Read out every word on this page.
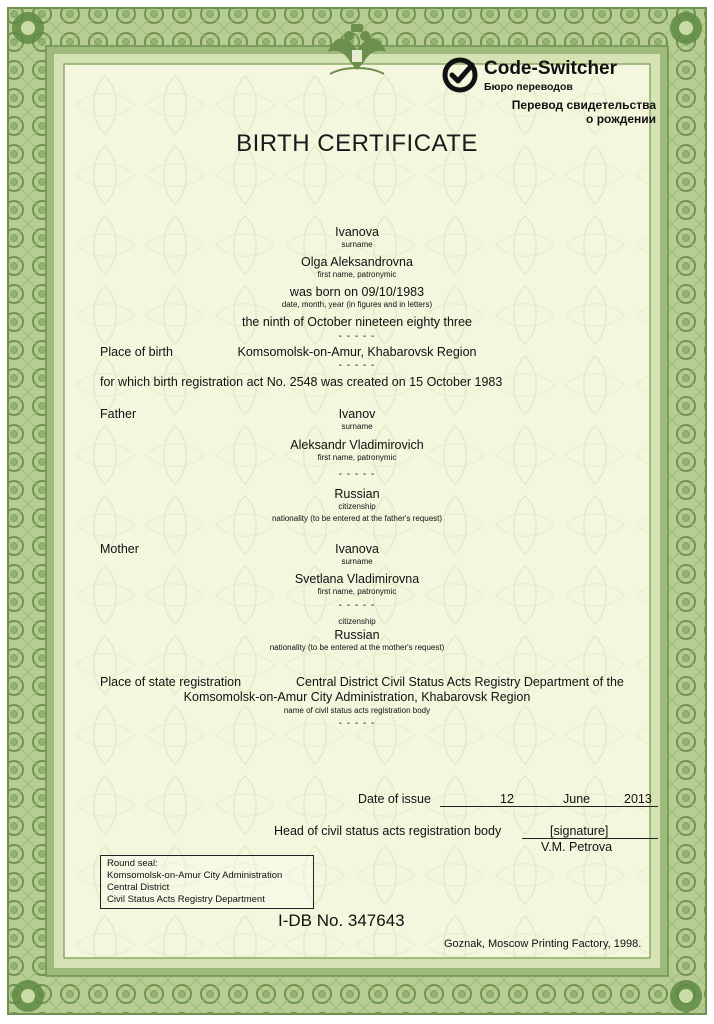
Code-Switcher
Бюро переводов
Перевод свидетельства
о рождении
BIRTH CERTIFICATE
Ivanova
surname
Olga Aleksandrovna
first name, patronymic
was born on 09/10/1983
date, month, year (in figures and in letters)
the ninth of October nineteen eighty three
- - - - -
Place of birth	Komsomolsk-on-Amur, Khabarovsk Region
- - - - -
for which birth registration act No. 2548 was created on 15 October 1983
Father	Ivanov
surname
Aleksandr Vladimirovich
first name, patronymic
- - - - -
Russian
citizenship
nationality (to be entered at the father's request)
Mother	Ivanova
surname
Svetlana Vladimirovna
first name, patronymic
- - - - -
citizenship
Russian
nationality (to be entered at the mother's request)
Place of state registration	Central District Civil Status Acts Registry Department of the
Komsomolsk-on-Amur City Administration, Khabarovsk Region
name of civil status acts registration body
- - - - -
Date of issue	12	June	2013
Head of civil status acts registration body	[signature]
V.M. Petrova
Round seal:
Komsomolsk-on-Amur City Administration
Central District
Civil Status Acts Registry Department
I-DB No. 347643
Goznak, Moscow Printing Factory, 1998.
